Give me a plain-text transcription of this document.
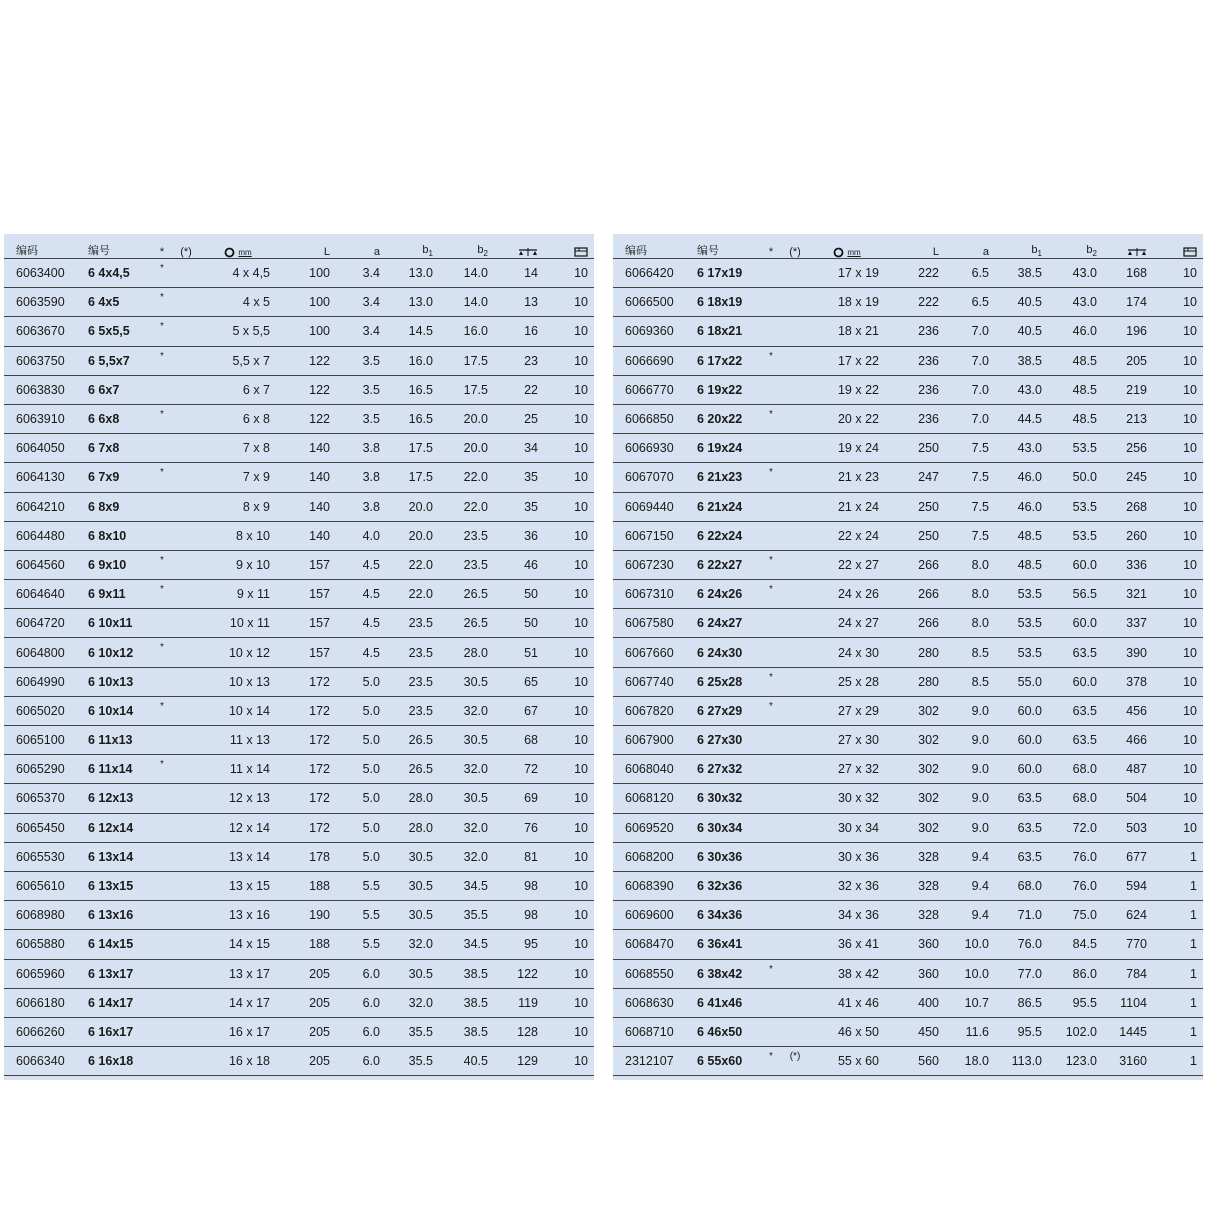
编码	编号	*	(*)	mm	L	a	$b_1$	$b_2$		
6063400	6 4x4,5	*		4 x 4,5	100	3.4	13.0	14.0	14	10
6063590	6 4x5	*		4 x 5	100	3.4	13.0	14.0	13	10
6063670	6 5x5,5	*		5 x 5,5	100	3.4	14.5	16.0	16	10
6063750	6 5,5x7	*		5,5 x 7	122	3.5	16.0	17.5	23	10
6063830	6 6x7			6 x 7	122	3.5	16.5	17.5	22	10
6063910	6 6x8	*		6 x 8	122	3.5	16.5	20.0	25	10
6064050	6 7x8			7 x 8	140	3.8	17.5	20.0	34	10
6064130	6 7x9	*		7 x 9	140	3.8	17.5	22.0	35	10
6064210	6 8x9			8 x 9	140	3.8	20.0	22.0	35	10
6064480	6 8x10			8 x 10	140	4.0	20.0	23.5	36	10
6064560	6 9x10	*		9 x 10	157	4.5	22.0	23.5	46	10
6064640	6 9x11	*		9 x 11	157	4.5	22.0	26.5	50	10
6064720	6 10x11			10 x 11	157	4.5	23.5	26.5	50	10
6064800	6 10x12	*		10 x 12	157	4.5	23.5	28.0	51	10
6064990	6 10x13			10 x 13	172	5.0	23.5	30.5	65	10
6065020	6 10x14	*		10 x 14	172	5.0	23.5	32.0	67	10
6065100	6 11x13			11 x 13	172	5.0	26.5	30.5	68	10
6065290	6 11x14	*		11 x 14	172	5.0	26.5	32.0	72	10
6065370	6 12x13			12 x 13	172	5.0	28.0	30.5	69	10
6065450	6 12x14			12 x 14	172	5.0	28.0	32.0	76	10
6065530	6 13x14			13 x 14	178	5.0	30.5	32.0	81	10
6065610	6 13x15			13 x 15	188	5.5	30.5	34.5	98	10
6068980	6 13x16			13 x 16	190	5.5	30.5	35.5	98	10
6065880	6 14x15			14 x 15	188	5.5	32.0	34.5	95	10
6065960	6 13x17			13 x 17	205	6.0	30.5	38.5	122	10
6066180	6 14x17			14 x 17	205	6.0	32.0	38.5	119	10
6066260	6 16x17			16 x 17	205	6.0	35.5	38.5	128	10
6066340	6 16x18			16 x 18	205	6.0	35.5	40.5	129	10
编码	编号	*	(*)	mm	L	a	$b_1$	$b_2$		
6066420	6 17x19			17 x 19	222	6.5	38.5	43.0	168	10
6066500	6 18x19			18 x 19	222	6.5	40.5	43.0	174	10
6069360	6 18x21			18 x 21	236	7.0	40.5	46.0	196	10
6066690	6 17x22	*		17 x 22	236	7.0	38.5	48.5	205	10
6066770	6 19x22			19 x 22	236	7.0	43.0	48.5	219	10
6066850	6 20x22	*		20 x 22	236	7.0	44.5	48.5	213	10
6066930	6 19x24			19 x 24	250	7.5	43.0	53.5	256	10
6067070	6 21x23	*		21 x 23	247	7.5	46.0	50.0	245	10
6069440	6 21x24			21 x 24	250	7.5	46.0	53.5	268	10
6067150	6 22x24			22 x 24	250	7.5	48.5	53.5	260	10
6067230	6 22x27	*		22 x 27	266	8.0	48.5	60.0	336	10
6067310	6 24x26	*		24 x 26	266	8.0	53.5	56.5	321	10
6067580	6 24x27			24 x 27	266	8.0	53.5	60.0	337	10
6067660	6 24x30			24 x 30	280	8.5	53.5	63.5	390	10
6067740	6 25x28	*		25 x 28	280	8.5	55.0	60.0	378	10
6067820	6 27x29	*		27 x 29	302	9.0	60.0	63.5	456	10
6067900	6 27x30			27 x 30	302	9.0	60.0	63.5	466	10
6068040	6 27x32			27 x 32	302	9.0	60.0	68.0	487	10
6068120	6 30x32			30 x 32	302	9.0	63.5	68.0	504	10
6069520	6 30x34			30 x 34	302	9.0	63.5	72.0	503	10
6068200	6 30x36			30 x 36	328	9.4	63.5	76.0	677	1
6068390	6 32x36			32 x 36	328	9.4	68.0	76.0	594	1
6069600	6 34x36			34 x 36	328	9.4	71.0	75.0	624	1
6068470	6 36x41			36 x 41	360	10.0	76.0	84.5	770	1
6068550	6 38x42	*		38 x 42	360	10.0	77.0	86.0	784	1
6068630	6 41x46			41 x 46	400	10.7	86.5	95.5	1104	1
6068710	6 46x50			46 x 50	450	11.6	95.5	102.0	1445	1
2312107	6 55x60	*	(*)	55 x 60	560	18.0	113.0	123.0	3160	1
